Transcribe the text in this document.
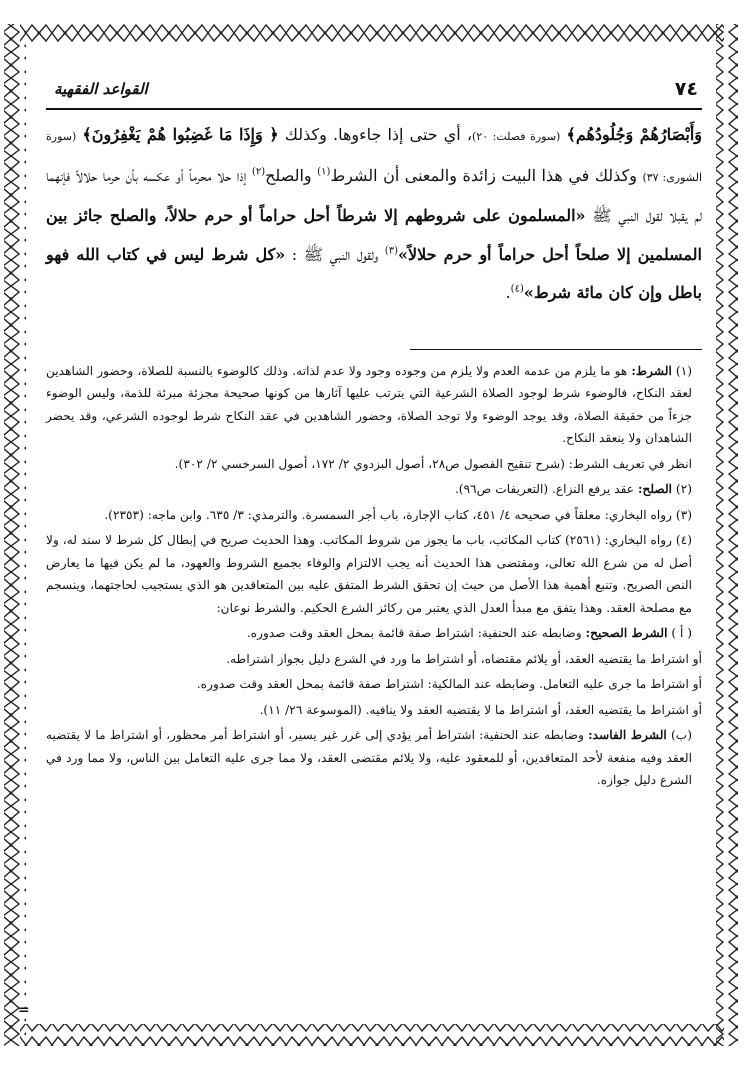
٧٤
القواعد الفقهية

وَأَبْصَارُهُمْ وَجُلُودُهُم﴾ (سورة فصلت: ٢٠)، أي حتى إذا جاءوها. وكذلك ﴿ وَإِذَا مَا غَضِبُوا هُمْ يَغْفِرُونَ﴾ (سورة الشورى: ٣٧) وكذلك في هذا البيت زائدة والمعنى أن الشرط$^{(١)}$ والصلح$^{(٢)}$ إذا حلا محرماً أو عكسه بأن حرما حلالاً فإنهما لم يقبلا لقول النبي ﷺ «المسلمون على شروطهم إلا شرطاً أحل حراماً أو حرم حلالاً، والصلح جائز بين المسلمين إلا صلحاً أحل حراماً أو حرم حلالاً»$^{(٣)}$ ولقول النبي ﷺ : «كل شرط ليس في كتاب الله فهو باطل وإن كان مائة شرط»$^{(٤)}$.

(١) الشرط: هو ما يلزم من عدمه العدم ولا يلزم من وجوده وجود ولا عدم لذاته. وذلك كالوضوء بالنسبة للصلاة، وحضور الشاهدين لعقد النكاح، فالوضوء شرط لوجود الصلاة الشرعية التي يترتب عليها آثارها من كونها صحيحة مجزئة مبرئة للذمة، وليس الوضوء جزءاً من حقيقة الصلاة، وقد يوجد الوضوء ولا توجد الصلاة، وحضور الشاهدين في عقد النكاح شرط لوجوده الشرعي، وقد يحضر الشاهدان ولا ينعقد النكاح.

انظر في تعريف الشرط: (شرح تنقيح الفصول ص٢٨، أصول البزدوي ٢/ ١٧٢، أصول السرخسي ٢/ ٣٠٢).

(٢) الصلح: عقد يرفع النزاع. (التعريفات ص٩٦).

(٣) رواه البخاري: معلقاً في صحيحه ٤/ ٤٥١، كتاب الإجارة، باب أجر السمسرة. والترمذي: ٣/ ٦٣٥. وابن ماجه: (٢٣٥٣).

(٤) رواه البخاري: (٢٥٦١) كتاب المكاتب، باب ما يجوز من شروط المكاتب. وهذا الحديث صريح في إبطال كل شرط لا سند له، ولا أصل له من شرع الله تعالى، ومقتضى هذا الحديث أنه يجب الالتزام والوفاء بجميع الشروط والعهود، ما لم يكن فيها ما يعارض النص الصريح. وتنبع أهمية هذا الأصل من حيث إن تحقق الشرط المتفق عليه بين المتعاقدين هو الذي يستجيب لحاجتهما، وينسجم مع مصلحة العقد. وهذا يتفق مع مبدأ العدل الذي يعتبر من ركائز الشرع الحكيم. والشرط نوعان:

( أ ) الشرط الصحيح: وضابطه عند الحنفية: اشتراط صفة قائمة بمحل العقد وقت صدوره.

أو اشتراط ما يقتضيه العقد، أو يلائم مقتضاه، أو اشتراط ما ورد في الشرع دليل بجواز اشتراطه.

أو اشتراط ما جرى عليه التعامل. وضابطه عند المالكية: اشتراط صفة قائمة بمحل العقد وقت صدوره.

أو اشتراط ما يقتضيه العقد، أو اشتراط ما لا يقتضيه العقد ولا ينافيه. (الموسوعة ٢٦/ ١١).

(ب) الشرط الفاسد: وضابطه عند الحنفية: اشتراط أمر يؤدي إلى غرر غير يسير، أو اشتراط أمر محظور، أو اشتراط ما لا يقتضيه العقد وفيه منفعة لأحد المتعاقدين، أو للمعقود عليه، ولا يلائم مقتضى العقد، ولا مما جرى عليه التعامل بين الناس، ولا مما ورد في الشرع دليل جوازه.

=
